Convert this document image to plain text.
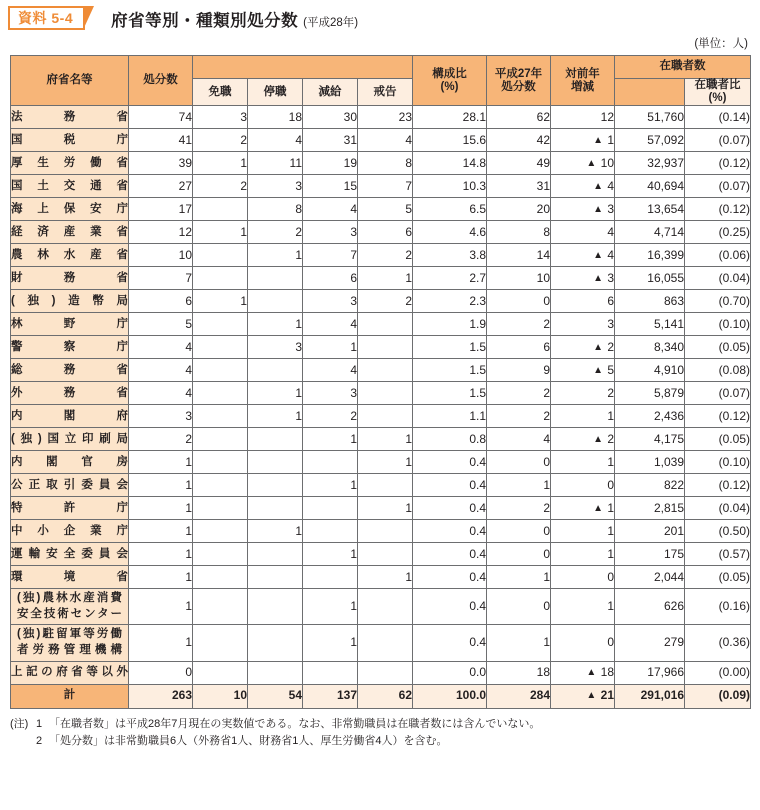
資料 5-4	府省等別・種類別処分数 (平成28年)
(単位：人)
府省名等	処分数		
構成比
(%)

平成27年
処分数

対前年
増減
	在職者数
		免職	停職	減給	戒告					在職者比
(%)

法務省	74	3	18	30	23	28.1	62	12	51,760	(0.14)
国税庁	41	2	4	31	4	15.6	42	▲ 1	57,092	(0.07)
厚生労働省	39	1	11	19	8	14.8	49	▲ 10	32,937	(0.12)
国土交通省	27	2	3	15	7	10.3	31	▲ 4	40,694	(0.07)
海上保安庁	17		8	4	5	6.5	20	▲ 3	13,654	(0.12)
経済産業省	12	1	2	3	6	4.6	8	4	4,714	(0.25)
農林水産省	10		1	7	2	3.8	14	▲ 4	16,399	(0.06)
財務省	7			6	1	2.7	10	▲ 3	16,055	(0.04)
(独)造幣局	6	1		3	2	2.3	0	6	863	(0.70)
林野庁	5		1	4		1.9	2	3	5,141	(0.10)
警察庁	4		3	1		1.5	6	▲ 2	8,340	(0.05)
総務省	4			4		1.5	9	▲ 5	4,910	(0.08)
外務省	4		1	3		1.5	2	2	5,879	(0.07)
内閣府	3		1	2		1.1	2	1	2,436	(0.12)
(独)国立印刷局	2			1	1	0.8	4	▲ 2	4,175	(0.05)
内閣官房	1				1	0.4	0	1	1,039	(0.10)
公正取引委員会	1			1		0.4	1	0	822	(0.12)
特許庁	1				1	0.4	2	▲ 1	2,815	(0.04)
中小企業庁	1		1			0.4	0	1	201	(0.50)
運輸安全委員会	1			1		0.4	0	1	175	(0.57)
環境省	1				1	0.4	1	0	2,044	(0.05)

(独)農林水産消費
安全技術センター	1			1		0.4	0	1	626	(0.16)

(独)駐留軍等労働
者労務管理機構	1			1		0.4	1	0	279	(0.36)
上記の府省等以外	0					0.0	18	▲ 18	17,966	(0.00)
計	263	10	54	137	62	100.0	284	▲ 21	291,016	(0.09)
(注) 1 「在職者数」は平成28年7月現在の実数値である。なお、非常勤職員は在職者数には含んでいない。
2 「処分数」は非常勤職員6人（外務省1人、財務省1人、厚生労働省4人）を含む。
